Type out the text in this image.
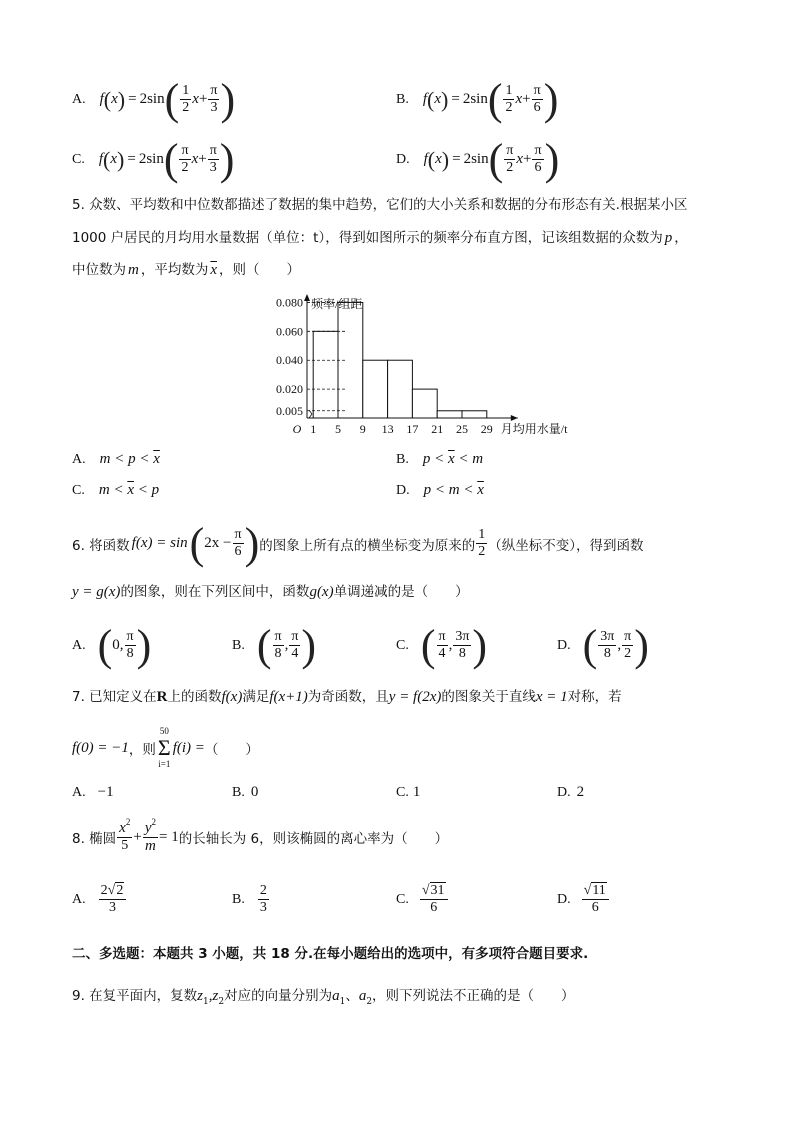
A. f ( x ) = 2sin ( $\frac{1}{2}$ $x + \frac{\pi}{3}$ )	B. f ( x ) = 2sin ( $\frac{1}{2}$ $x + \frac{\pi}{6}$ )
C. f ( x ) = 2sin ( $\frac{\pi}{2}$ $x + \frac{\pi}{3}$ )	D. f ( x ) = 2sin ( $\frac{\pi}{2}$ $x + \frac{\pi}{6}$ )
5. 众数、平均数和中位数都描述了数据的集中趋势，它们的大小关系和数据的分布形态有关.根据某小区
1000 户居民的月均用水量数据（单位：t），得到如图所示的频率分布直方图，记该组数据的众数为 p ，
中位数为 m ，平均数为 $\overline{x}$ ，则（　　）
0.080
0.060
0.040
0.020
0.005
1 5 9 13 17 21 25 29
O
频率/组距
月均用水量/t
A. $m < p < \overline{x}$	B. $p < \overline{x} < m$
C. $m < \overline{x} < p$	D. $p < m < \overline{x}$
6. 将函数 f(x) = sin ( $2x - \frac{\pi}{6}$ ) 的图象上所有点的横坐标变为原来的 $\frac{1}{2}$ （纵坐标不变），得到函数
y = g(x)的图象，则在下列区间中，函数g(x)单调递减的是（　　）
A. ( 0, $\frac{\pi}{8}$ )	B. ( $\frac{\pi}{8}$ , $\frac{\pi}{4}$ )	C. ( $\frac{\pi}{4}$ , $\frac{3\pi}{8}$ )	D. ( $\frac{3\pi}{8}$ , $\frac{\pi}{2}$ )
7. 已知定义在R上的函数f(x)满足f(x+1)为奇函数，且y = f(2x)的图象关于直线x = 1对称，若
f(0) = −1 ，则
50
Σ
i=1
f(i) = （　　）
A. −1	B. 0	C. 1	D. 2
8. 椭圆 $\frac{x^2}{5} + \frac{y^2}{m} = 1$ 的长轴长为 6，则该椭圆的离心率为（　　）
A. $\frac{2√2}{3}$	B. $\frac{2}{3}$	C. $\frac{√31}{6}$	D. $\frac{√11}{6}$
二、多选题：本题共 3 小题，共 18 分.在每小题给出的选项中，有多项符合题目要求.
9. 在复平面内，复数$z_1,z_2$对应的向量分别为$a_1$、$a_2$，则下列说法不正确的是（　　）
